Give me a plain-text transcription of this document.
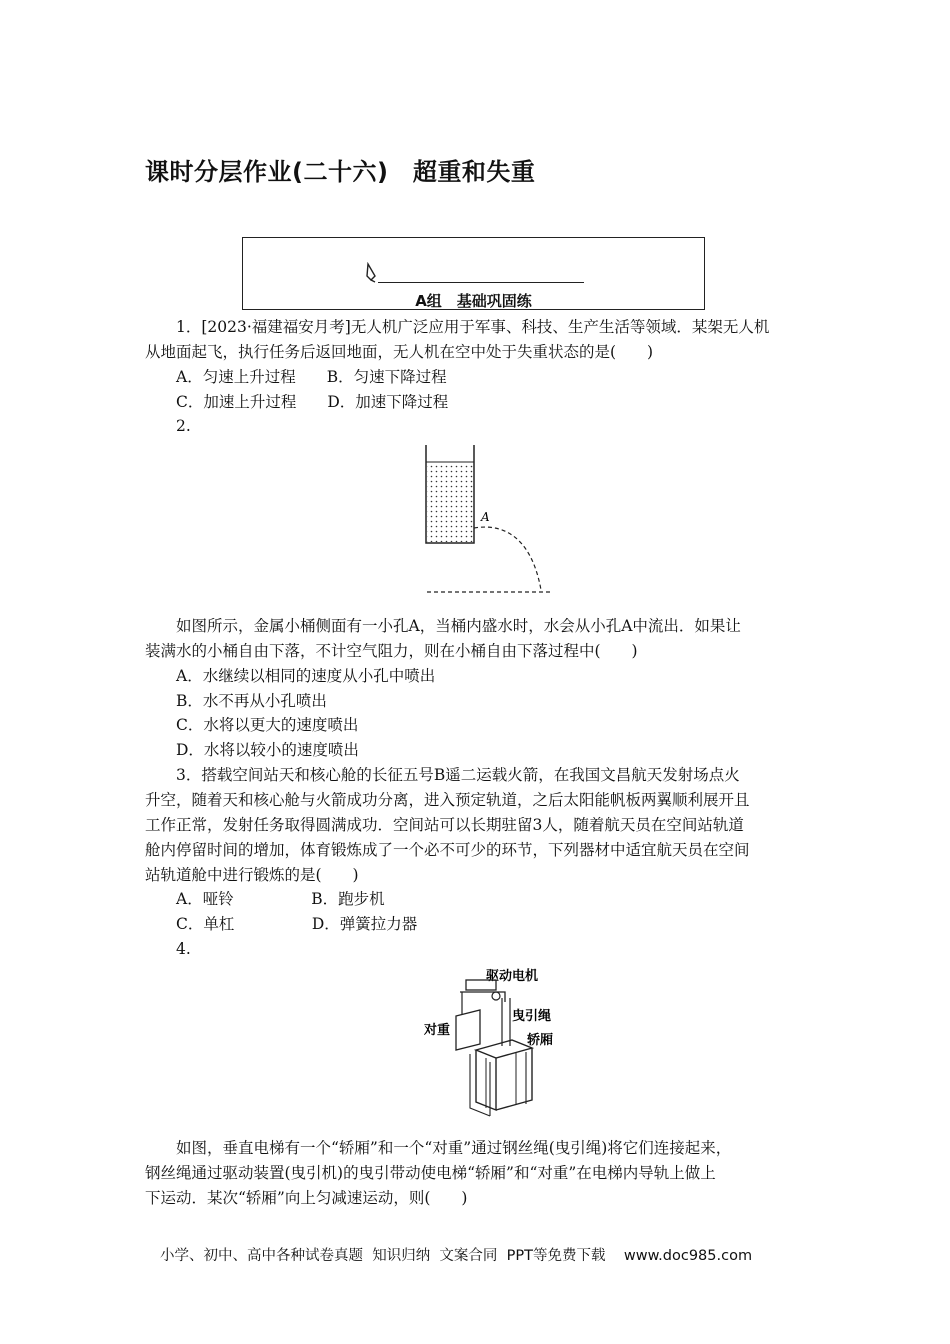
课时分层作业(二十六)　超重和失重
A组　基础巩固练
1．[2023·福建福安月考]无人机广泛应用于军事、科技、生产生活等领域．某架无人机
从地面起飞，执行任务后返回地面，无人机在空中处于失重状态的是(　　)
A．匀速上升过程　　B．匀速下降过程
C．加速上升过程　　D．加速下降过程
2.
A
如图所示，金属小桶侧面有一小孔A，当桶内盛水时，水会从小孔A中流出．如果让
装满水的小桶自由下落，不计空气阻力，则在小桶自由下落过程中(　　)
A．水继续以相同的速度从小孔中喷出
B．水不再从小孔喷出
C．水将以更大的速度喷出
D．水将以较小的速度喷出
3．搭载空间站天和核心舱的长征五号B遥二运载火箭，在我国文昌航天发射场点火
升空，随着天和核心舱与火箭成功分离，进入预定轨道，之后太阳能帆板两翼顺利展开且
工作正常，发射任务取得圆满成功．空间站可以长期驻留3人，随着航天员在空间站轨道
舱内停留时间的增加，体育锻炼成了一个必不可少的环节，下列器材中适宜航天员在空间
站轨道舱中进行锻炼的是(　　)
A．哑铃　　　　　B．跑步机
C．单杠　　　　　D．弹簧拉力器
4.
驱动电机
曳引绳
对重
轿厢
如图，垂直电梯有一个“轿厢”和一个“对重”通过钢丝绳(曳引绳)将它们连接起来，
钢丝绳通过驱动装置(曳引机)的曳引带动使电梯“轿厢”和“对重”在电梯内导轨上做上
下运动．某次“轿厢”向上匀减速运动，则(　　)
小学、初中、高中各种试卷真题  知识归纳  文案合同  PPT等免费下载    www.doc985.com
